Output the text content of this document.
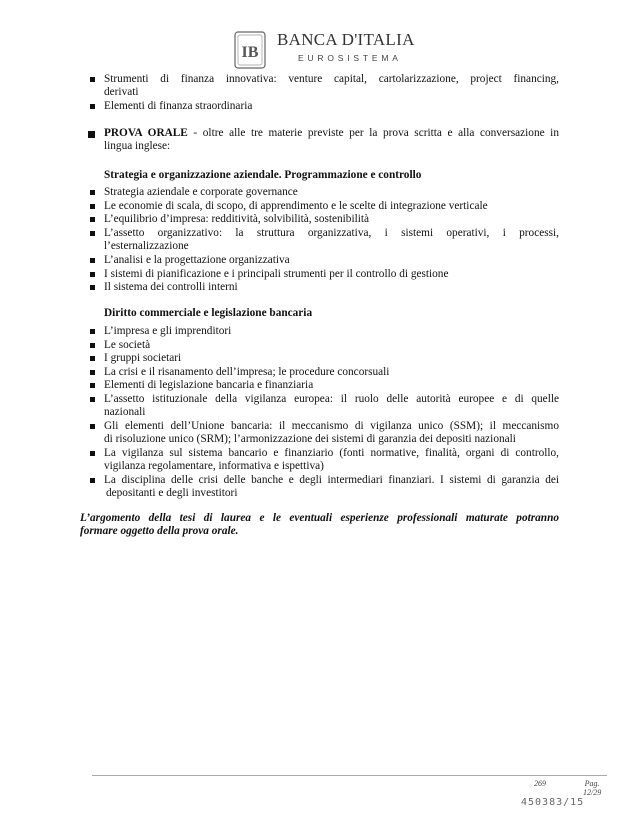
IB
BANCA D'ITALIA
EUROSISTEMA
Strumenti di finanza innovativa: venture capital, cartolarizzazione, project financing,
derivati
Elementi di finanza straordinaria
PROVA ORALE - oltre alle tre materie previste per la prova scritta e alla conversazione in
lingua inglese:
Strategia e organizzazione aziendale. Programmazione e controllo
Strategia aziendale e corporate governance
Le economie di scala, di scopo, di apprendimento e le scelte di integrazione verticale
L’equilibrio d’impresa: redditività, solvibilità, sostenibilità
L’assetto organizzativo: la struttura organizzativa, i sistemi operativi, i processi,
l’esternalizzazione
L’analisi e la progettazione organizzativa
I sistemi di pianificazione e i principali strumenti per il controllo di gestione
Il sistema dei controlli interni
Diritto commerciale e legislazione bancaria
L’impresa e gli imprenditori
Le società
I gruppi societari
La crisi e il risanamento dell’impresa; le procedure concorsuali
Elementi di legislazione bancaria e finanziaria
L’assetto istituzionale della vigilanza europea: il ruolo delle autorità europee e di quelle
nazionali
Gli elementi dell’Unione bancaria: il meccanismo di vigilanza unico (SSM); il meccanismo
di risoluzione unico (SRM); l’armonizzazione dei sistemi di garanzia dei depositi nazionali
La vigilanza sul sistema bancario e finanziario (fonti normative, finalità, organi di controllo,
vigilanza regolamentare, informativa e ispettiva)
La disciplina delle crisi delle banche e degli intermediari finanziari. I sistemi di garanzia dei
depositanti e degli investitori
L’argomento della tesi di laurea e le eventuali esperienze professionali maturate potranno
formare oggetto della prova orale.
269	Pag.
12/29
450383/15
